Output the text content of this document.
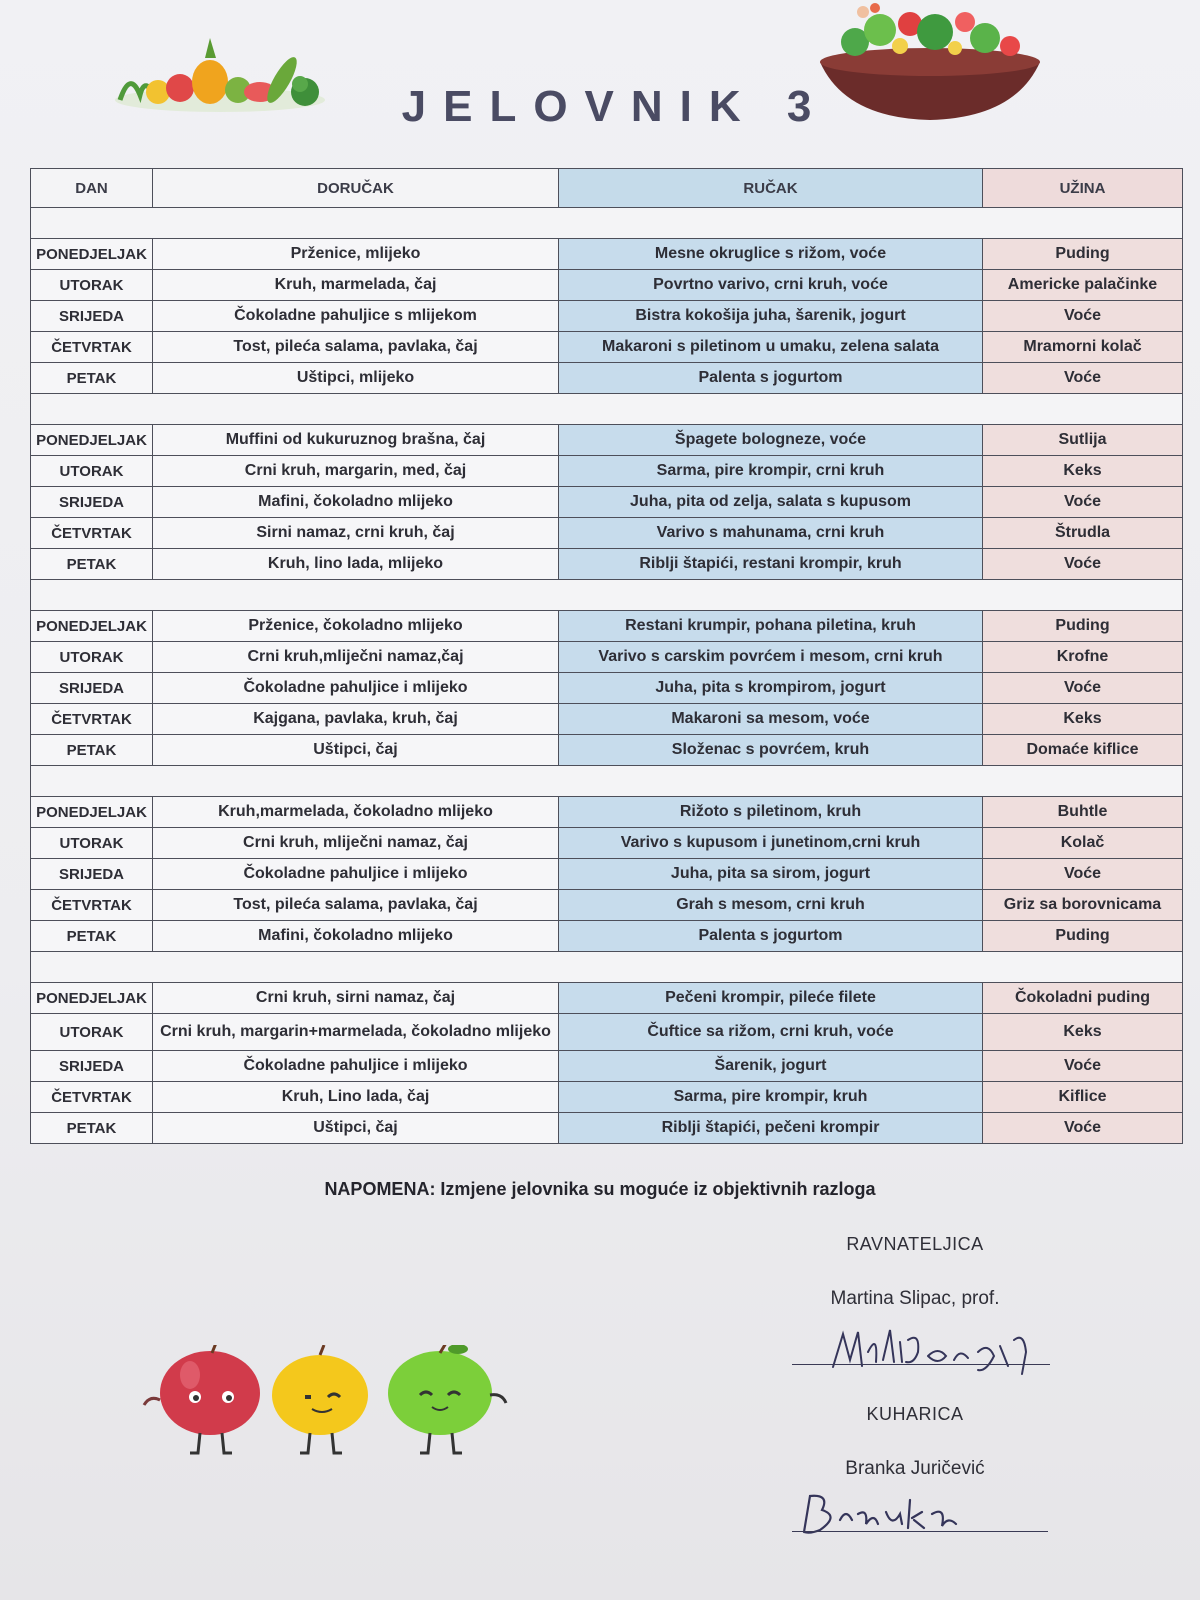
JELOVNIK 3
DAN	DORUČAK	RUČAK	UŽINA

PONEDJELJAK	Prženice, mlijeko	Mesne okruglice s rižom, voće	Puding
UTORAK	Kruh, marmelada, čaj	Povrtno varivo, crni kruh, voće	Americke palačinke
SRIJEDA	Čokoladne pahuljice s mlijekom	Bistra kokošija juha, šarenik, jogurt	Voće
ČETVRTAK	Tost, pileća salama, pavlaka, čaj	Makaroni s piletinom u umaku, zelena salata	Mramorni kolač
PETAK	Uštipci, mlijeko	Palenta s jogurtom	Voće

PONEDJELJAK	Muffini od kukuruznog brašna, čaj	Špagete bologneze, voće	Sutlija
UTORAK	Crni kruh, margarin, med, čaj	Sarma, pire krompir, crni kruh	Keks
SRIJEDA	Mafini, čokoladno mlijeko	Juha, pita od zelja, salata s kupusom	Voće
ČETVRTAK	Sirni namaz, crni kruh, čaj	Varivo s mahunama, crni kruh	Štrudla
PETAK	Kruh, lino lada, mlijeko	Riblji štapići, restani krompir, kruh	Voće

PONEDJELJAK	Prženice, čokoladno mlijeko	Restani krumpir, pohana piletina, kruh	Puding
UTORAK	Crni kruh,mliječni namaz,čaj	Varivo s carskim povrćem i mesom, crni kruh	Krofne
SRIJEDA	Čokoladne pahuljice i mlijeko	Juha, pita s krompirom, jogurt	Voće
ČETVRTAK	Kajgana, pavlaka, kruh, čaj	Makaroni sa mesom, voće	Keks
PETAK	Uštipci, čaj	Složenac s povrćem, kruh	Domaće kiflice

PONEDJELJAK	Kruh,marmelada, čokoladno mlijeko	Rižoto s piletinom, kruh	Buhtle
UTORAK	Crni kruh, mliječni namaz, čaj	Varivo s kupusom i junetinom,crni kruh	Kolač
SRIJEDA	Čokoladne pahuljice i mlijeko	Juha, pita sa sirom, jogurt	Voće
ČETVRTAK	Tost, pileća salama, pavlaka, čaj	Grah s mesom, crni kruh	Griz sa borovnicama
PETAK	Mafini, čokoladno mlijeko	Palenta s jogurtom	Puding

PONEDJELJAK	Crni kruh, sirni namaz, čaj	Pečeni krompir, pileće filete	Čokoladni puding
UTORAK	Crni kruh, margarin+marmelada, čokoladno mlijeko	Čuftice sa rižom, crni kruh, voće	Keks
SRIJEDA	Čokoladne pahuljice i mlijeko	Šarenik, jogurt	Voće
ČETVRTAK	Kruh, Lino lada, čaj	Sarma, pire krompir, kruh	Kiflice
PETAK	Uštipci, čaj	Riblji štapići, pečeni krompir	Voće
NAPOMENA: Izmjene jelovnika su moguće iz objektivnih razloga
RAVNATELJICA
Martina Slipac, prof.
KUHARICA
Branka Juričević
